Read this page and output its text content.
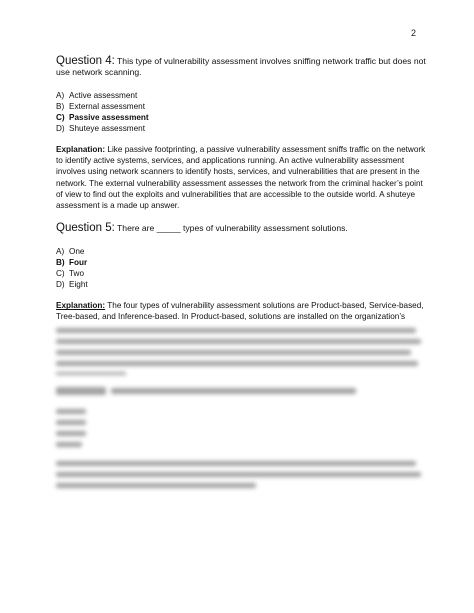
2

Question 4: This type of vulnerability assessment involves sniffing network traffic but does not use network scanning.

A) Active assessment
B) External assessment
C) Passive assessment
D) Shuteye assessment

Explanation: Like passive footprinting, a passive vulnerability assessment sniffs traffic on the network to identify active systems, services, and applications running. An active vulnerability assessment involves using network scanners to identify hosts, services, and vulnerabilities that are present in the network. The external vulnerability assessment assesses the network from the criminal hacker’s point of view to find out the exploits and vulnerabilities that are accessible to the outside world. A shuteye assessment is a made up answer.

Question 5: There are _____ types of vulnerability assessment solutions.

A) One
B) Four
C) Two
D) Eight

Explanation: The four types of vulnerability assessment solutions are Product-based, Service-based, Tree-based, and Inference-based. In Product-based, solutions are installed on the organization’s
